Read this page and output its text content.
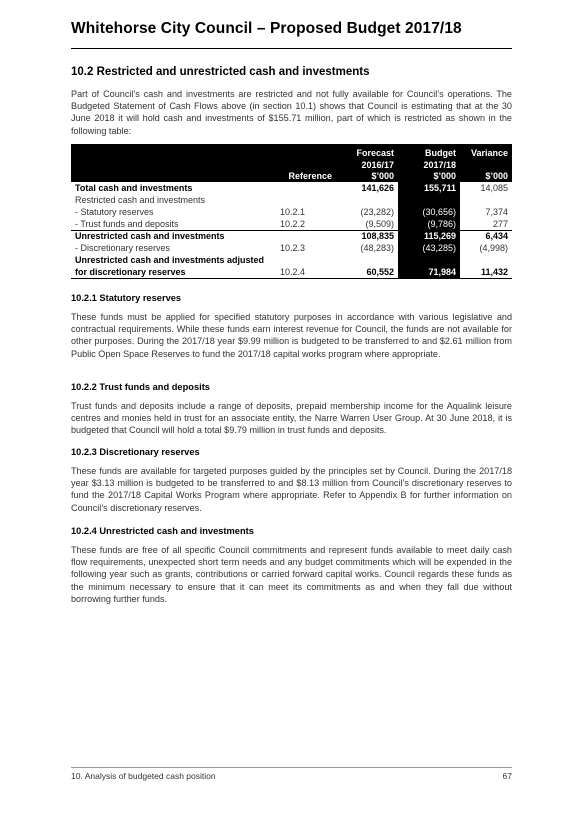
Whitehorse City Council – Proposed Budget 2017/18
10.2 Restricted and unrestricted cash and investments
Part of Council’s cash and investments are restricted and not fully available for Council’s operations. The Budgeted Statement of Cash Flows above (in section 10.1) shows that Council is estimating that at the 30 June 2018 it will hold cash and investments of $155.71 million, part of which is restricted as shown in the following table:
		Forecast	Budget	Variance
		2016/17	2017/18	
	Reference	$’000	$’000	$’000
Total cash and investments		141,626	155,711	14,085
Restricted cash and investments				
- Statutory reserves	10.2.1	(23,282)	(30,656)	7,374
- Trust funds and deposits	10.2.2	(9,509)	(9,786)	277
Unrestricted cash and investments		108,835	115,269	6,434
- Discretionary reserves	10.2.3	(48,283)	(43,285)	(4,998)
Unrestricted cash and investments adjusted				
for discretionary reserves	10.2.4	60,552	71,984	11,432
10.2.1 Statutory reserves
These funds must be applied for specified statutory purposes in accordance with various legislative and contractual requirements. While these funds earn interest revenue for Council, the funds are not available for other purposes. During the 2017/18 year $9.99 million is budgeted to be transferred to and $2.61 million from Public Open Space Reserves to fund the 2017/18 capital works program where appropriate.
10.2.2 Trust funds and deposits
Trust funds and deposits include a range of deposits, prepaid membership income for the Aqualink leisure centres and monies held in trust for an associate entity, the Narre Warren User Group. At 30 June 2018, it is budgeted that Council will hold a total $9.79 million in trust funds and deposits.
10.2.3 Discretionary reserves
These funds are available for targeted purposes guided by the principles set by Council. During the 2017/18 year $3.13 million is budgeted to be transferred to and $8.13 million from Council’s discretionary reserves to fund the 2017/18 Capital Works Program where appropriate. Refer to Appendix B for further information on Council’s discretionary reserves.
10.2.4 Unrestricted cash and investments
These funds are free of all specific Council commitments and represent funds available to meet daily cash flow requirements, unexpected short term needs and any budget commitments which will be expended in the following year such as grants, contributions or carried forward capital works. Council regards these funds as the minimum necessary to ensure that it can meet its commitments as and when they fall due without borrowing further funds.
10. Analysis of budgeted cash position	67
